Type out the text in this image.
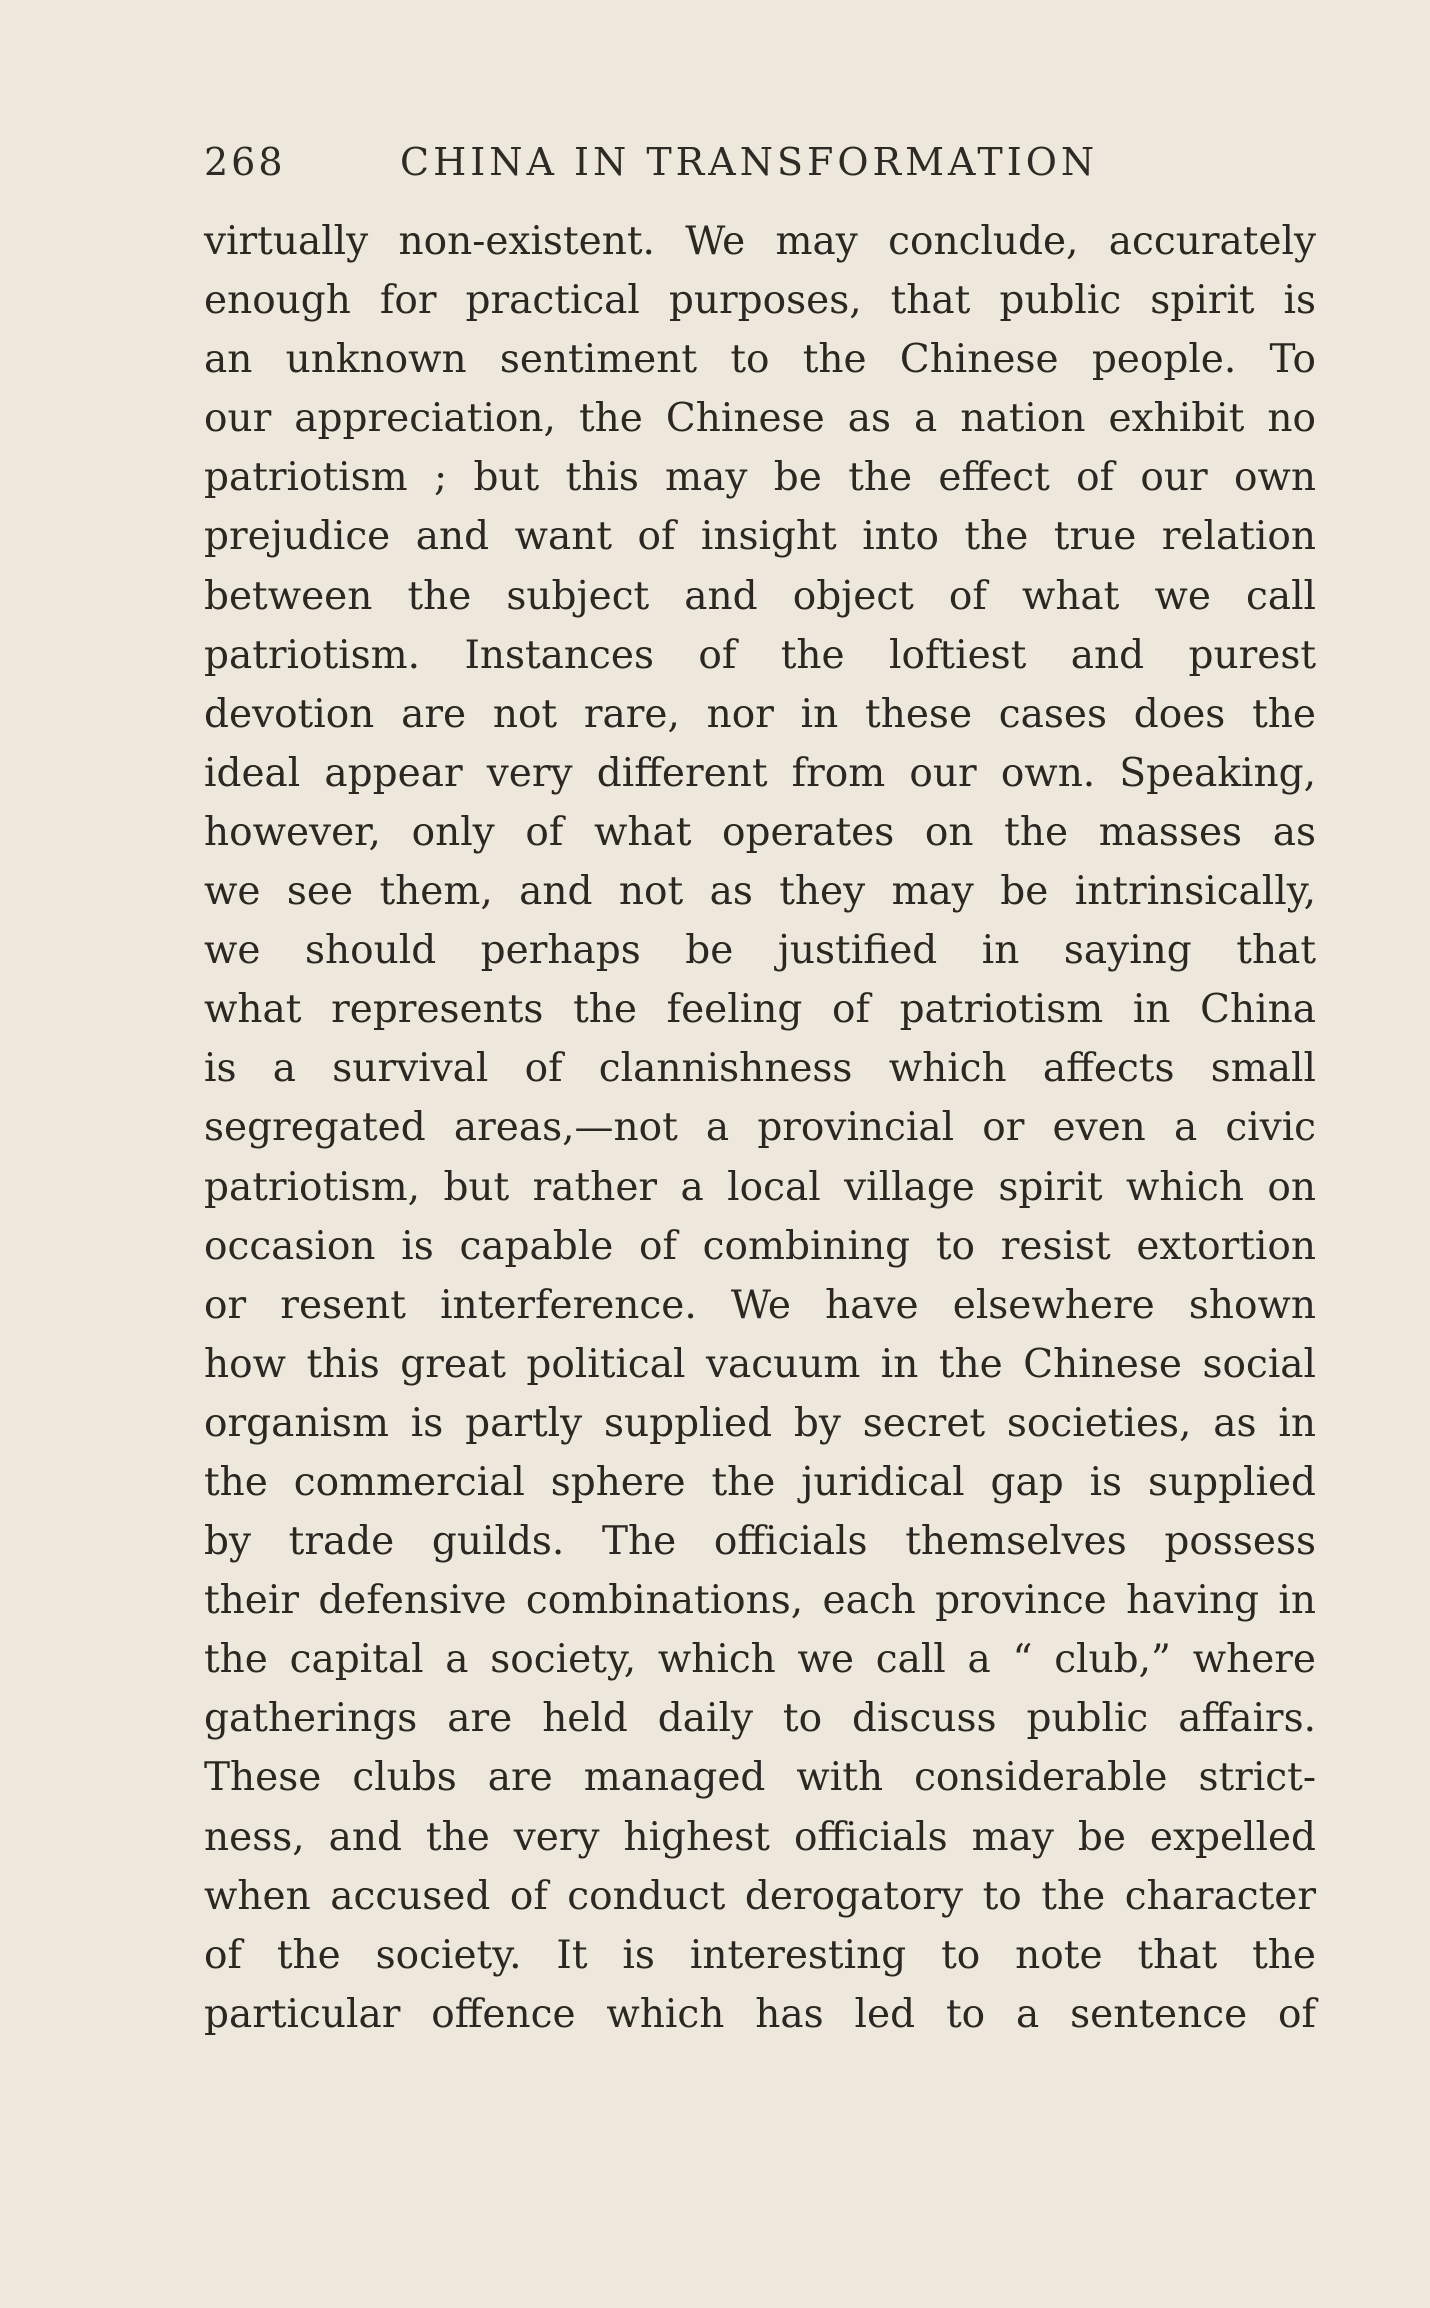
268	CHINA IN TRANSFORMATION
virtually non-existent. We may conclude, accurately
enough for practical purposes, that public spirit is
an unknown sentiment to the Chinese people. To
our appreciation, the Chinese as a nation exhibit no
patriotism ; but this may be the effect of our own
prejudice and want of insight into the true relation
between the subject and object of what we call
patriotism. Instances of the loftiest and purest
devotion are not rare, nor in these cases does the
ideal appear very different from our own. Speaking,
however, only of what operates on the masses as
we see them, and not as they may be intrinsically,
we should perhaps be justified in saying that
what represents the feeling of patriotism in China
is a survival of clannishness which affects small
segregated areas,—not a provincial or even a civic
patriotism, but rather a local village spirit which on
occasion is capable of combining to resist extortion
or resent interference. We have elsewhere shown
how this great political vacuum in the Chinese social
organism is partly supplied by secret societies, as in
the commercial sphere the juridical gap is supplied
by trade guilds. The officials themselves possess
their defensive combinations, each province having in
the capital a society, which we call a “ club,” where
gatherings are held daily to discuss public affairs.
These clubs are managed with considerable strict-
ness, and the very highest officials may be expelled
when accused of conduct derogatory to the character
of the society. It is interesting to note that the
particular offence which has led to a sentence of
